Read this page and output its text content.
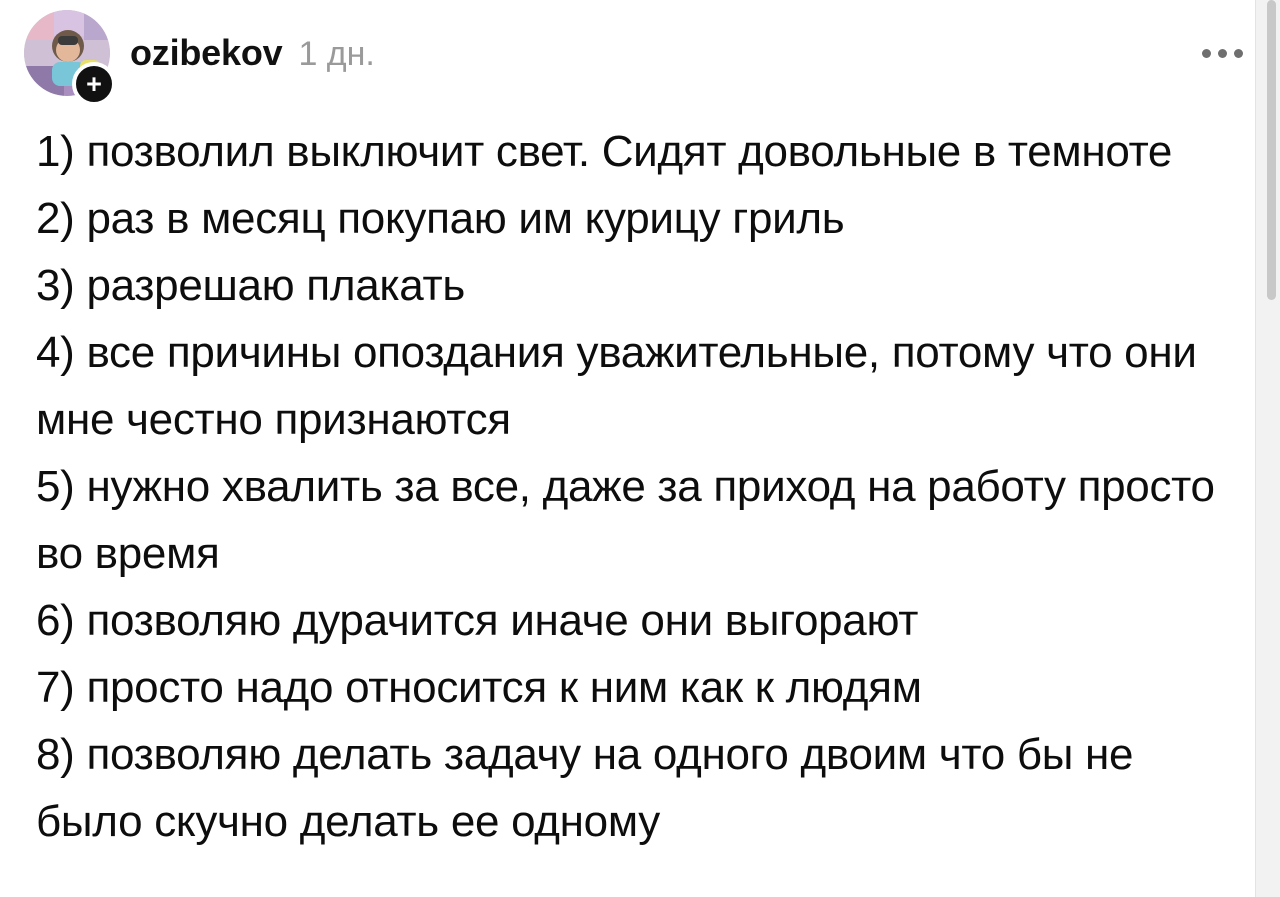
+
ozibekov 1 дн.
1) позволил выключит свет. Сидят довольные в темноте
2) раз в месяц покупаю им курицу гриль
3) разрешаю плакать
4) все причины опоздания уважительные, потому что они мне честно признаются
5) нужно хвалить за все, даже за приход на работу просто во время
6) позволяю дурачится иначе они выгорают
7) просто надо относится к ним как к людям
8) позволяю делать задачу на одного двоим что бы не было скучно делать ее одному
